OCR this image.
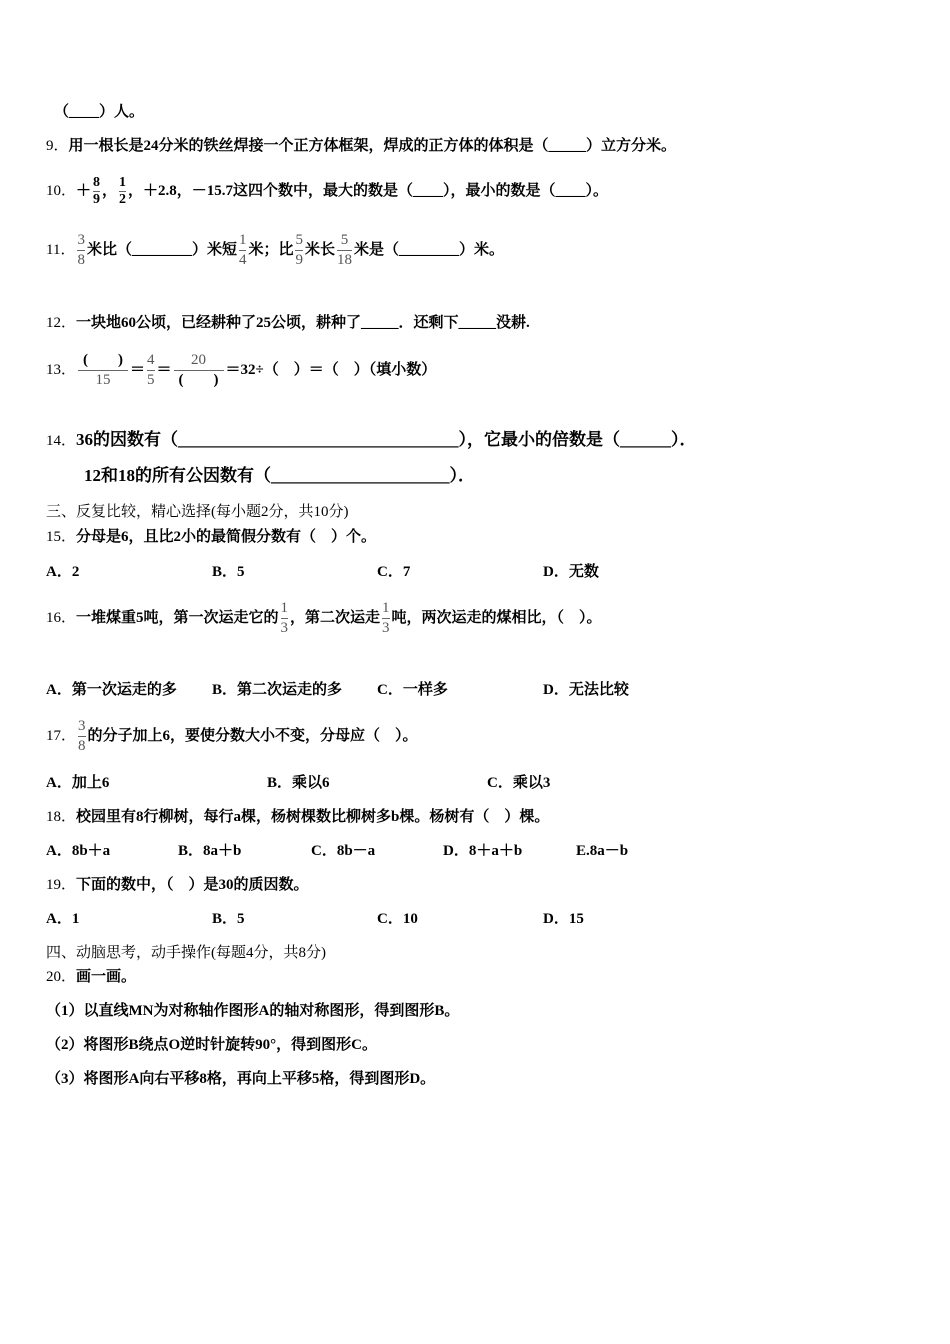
（____）人。
9．用一根长是24分米的铁丝焊接一个正方体框架，焊成的正方体的体积是（_____）立方分米。
10．＋ $\frac{8}{9}$ ， $\frac{1}{2}$ ，＋2.8，－15.7这四个数中，最大的数是（____），最小的数是（____）。
11． $\frac{3}{8}$ 米比（________）米短 $\frac{1}{4}$ 米；比 $\frac{5}{9}$ 米长 $\frac{5}{18}$ 米是（________）米。
12．一块地60公顷，已经耕种了25公顷，耕种了_____．还剩下_____没耕.
13． $\frac{( )}{15} = \frac{4}{5} = \frac{20}{( )} =32\div$（　）＝（　）（填小数）
14．36的因数有（_________________________________），它最小的倍数是（______）．
12和18的所有公因数有（_____________________）．
三、反复比较，精心选择(每小题2分，共10分)
15．分母是6，且比2小的最简假分数有（　）个。
A．2	B．5	C．7	D．无数
16．一堆煤重5吨，第一次运走它的 $\frac{1}{3}$ ，第二次运走 $\frac{1}{3}$ 吨，两次运走的煤相比，（　）。
A．第一次运走的多 B．第二次运走的多 C．一样多	D．无法比较
17． $\frac{3}{8}$ 的分子加上6，要使分数大小不变，分母应（　）。
A．加上6	B．乘以6	C．乘以3
18．校园里有8行柳树，每行a棵，杨树棵数比柳树多b棵。杨树有（　）棵。
A．8b＋a	B．8a＋b	C．8b－a	D．8＋a＋b	E.8a－b
19．下面的数中，（　）是30的质因数。
A．1	B．5	C．10	D．15
四、动脑思考，动手操作(每题4分，共8分)
20．画一画。
（1）以直线MN为对称轴作图形A的轴对称图形，得到图形B。
（2）将图形B绕点O逆时针旋转90°，得到图形C。
（3）将图形A向右平移8格，再向上平移5格，得到图形D。
